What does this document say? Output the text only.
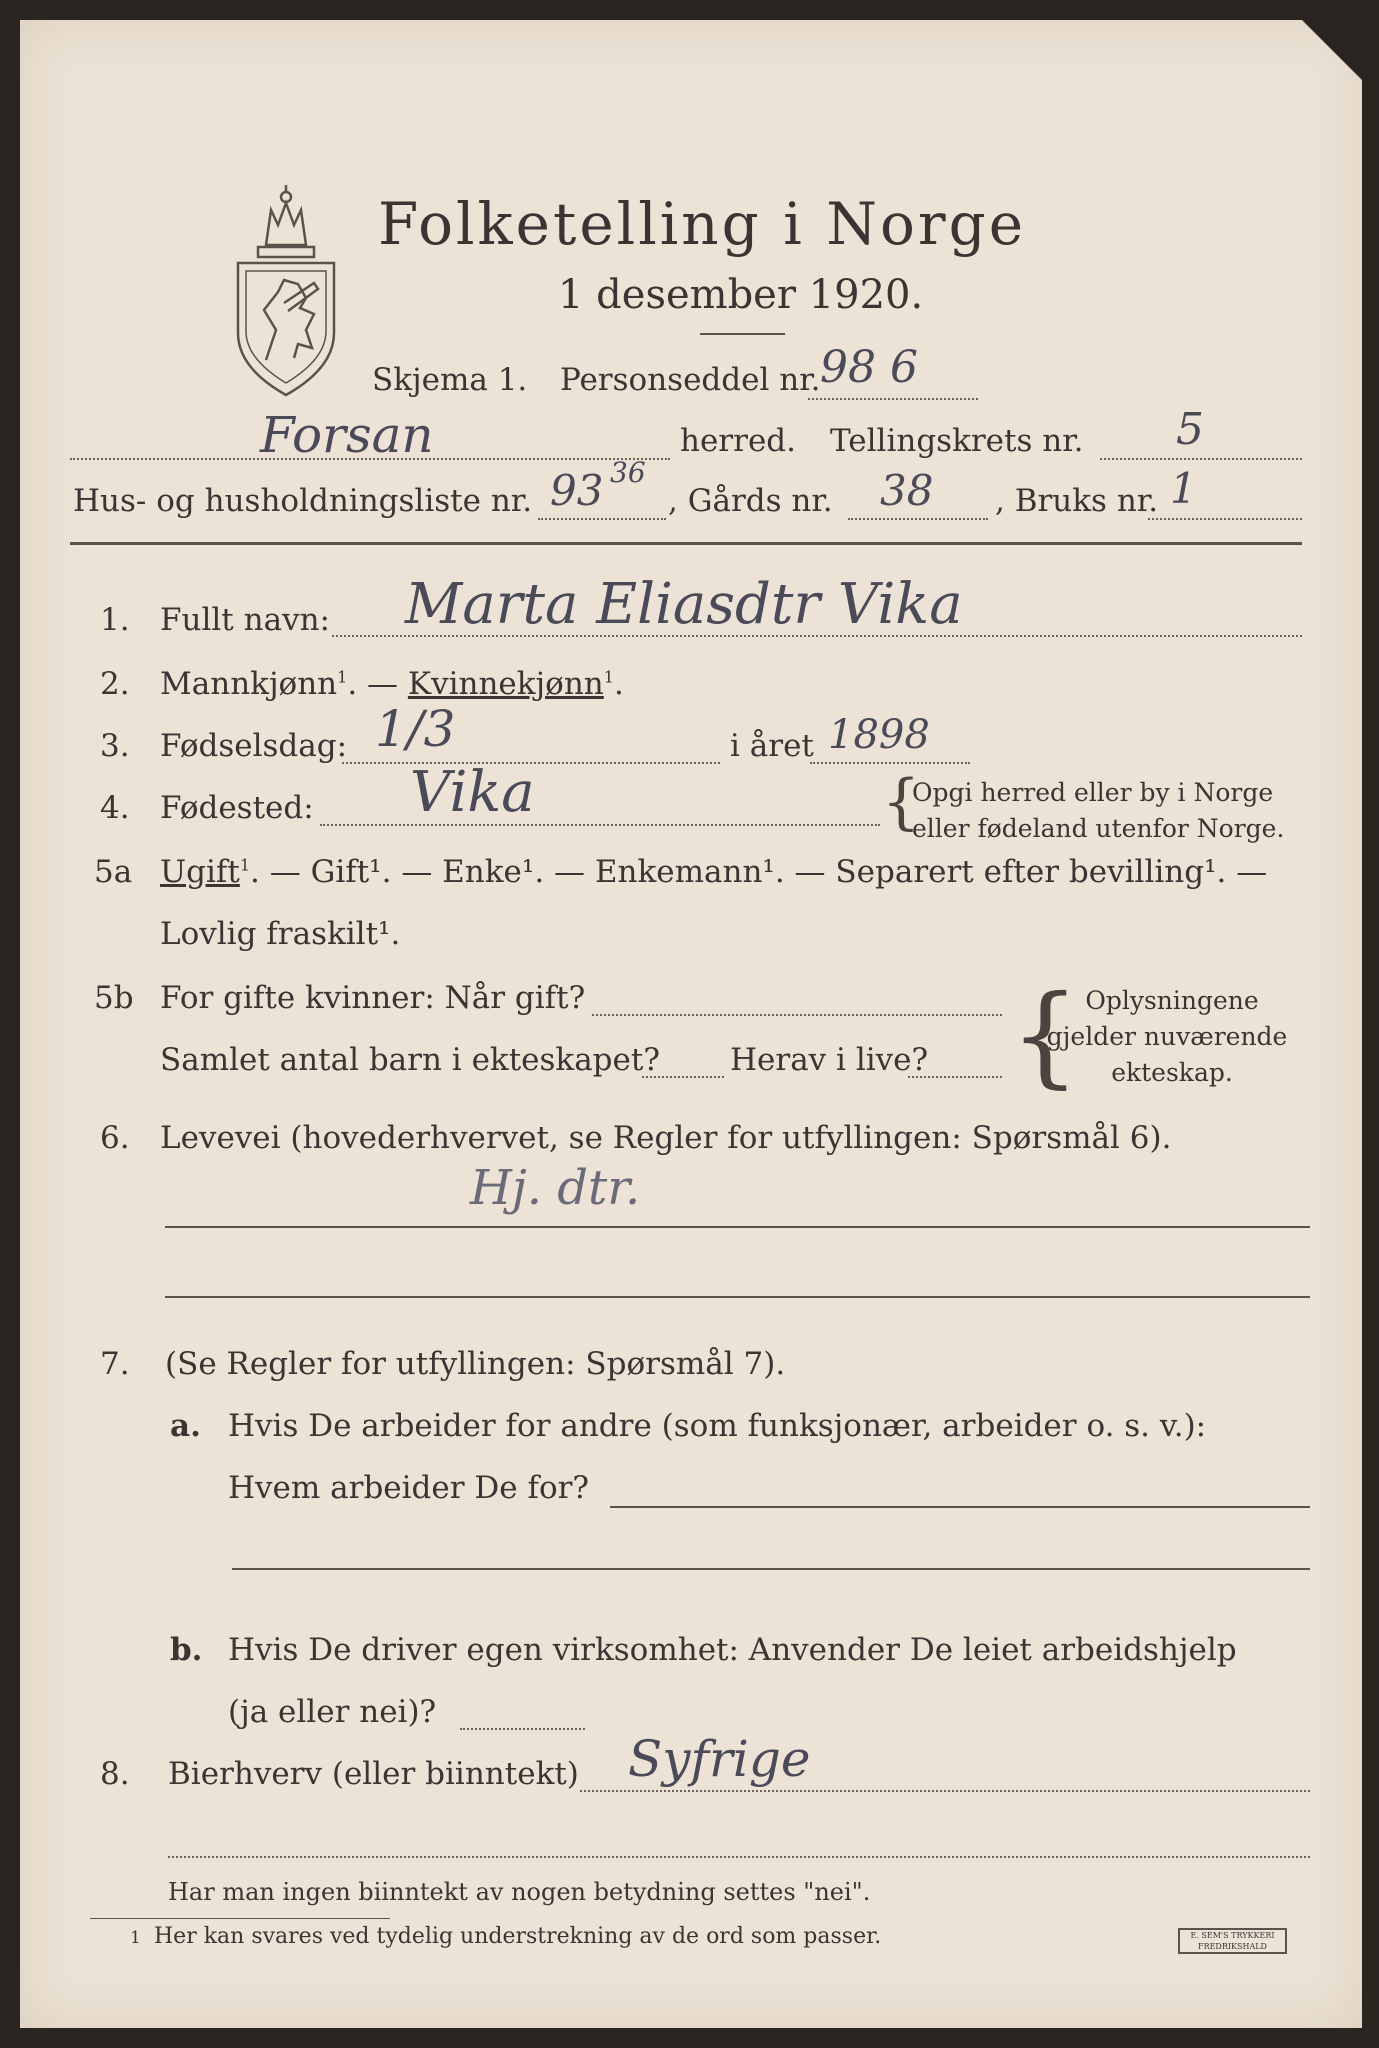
Folketelling i Norge
1 desember 1920.
Skjema 1. Personseddel nr. 98 6
Forsan	herred. Tellingskrets nr. 5
Hus- og husholdningsliste nr. 93 36
, Gårds nr. 38 , Bruks nr. 1
1. Fullt navn: Marta Eliasdtr Vika
2. Mannkjønn$^1$. — Kvinnekjønn$^1$.
3. Fødselsdag: 1/3	i året 1898
4. Fødested: Vika	{
Opgi herred eller by i Norge
eller fødeland utenfor Norge.
5a Ugift$^1$. — Gift¹. — Enke¹. — Enkemann¹. — Separert efter bevilling¹. —
Lovlig fraskilt¹.
5b For gifte kvinner: Når gift?
Samlet antal barn i ekteskapet? Herav i live? { Oplysningene
gjelder nuværende
ekteskap.
6. Levevei (hovederhvervet, se Regler for utfyllingen: Spørsmål 6).
Hj. dtr.
7. (Se Regler for utfyllingen: Spørsmål 7).
a. Hvis De arbeider for andre (som funksjonær, arbeider o. s. v.):
Hvem arbeider De for?
b. Hvis De driver egen virksomhet: Anvender De leiet arbeidshjelp
(ja eller nei)?
8. Bierhverv (eller biinntekt) Syfrige
Har man ingen biinntekt av nogen betydning settes "nei".
1 Her kan svares ved tydelig understrekning av de ord som passer.	E. SEM'S TRYKKERI
FREDRIKSHALD
